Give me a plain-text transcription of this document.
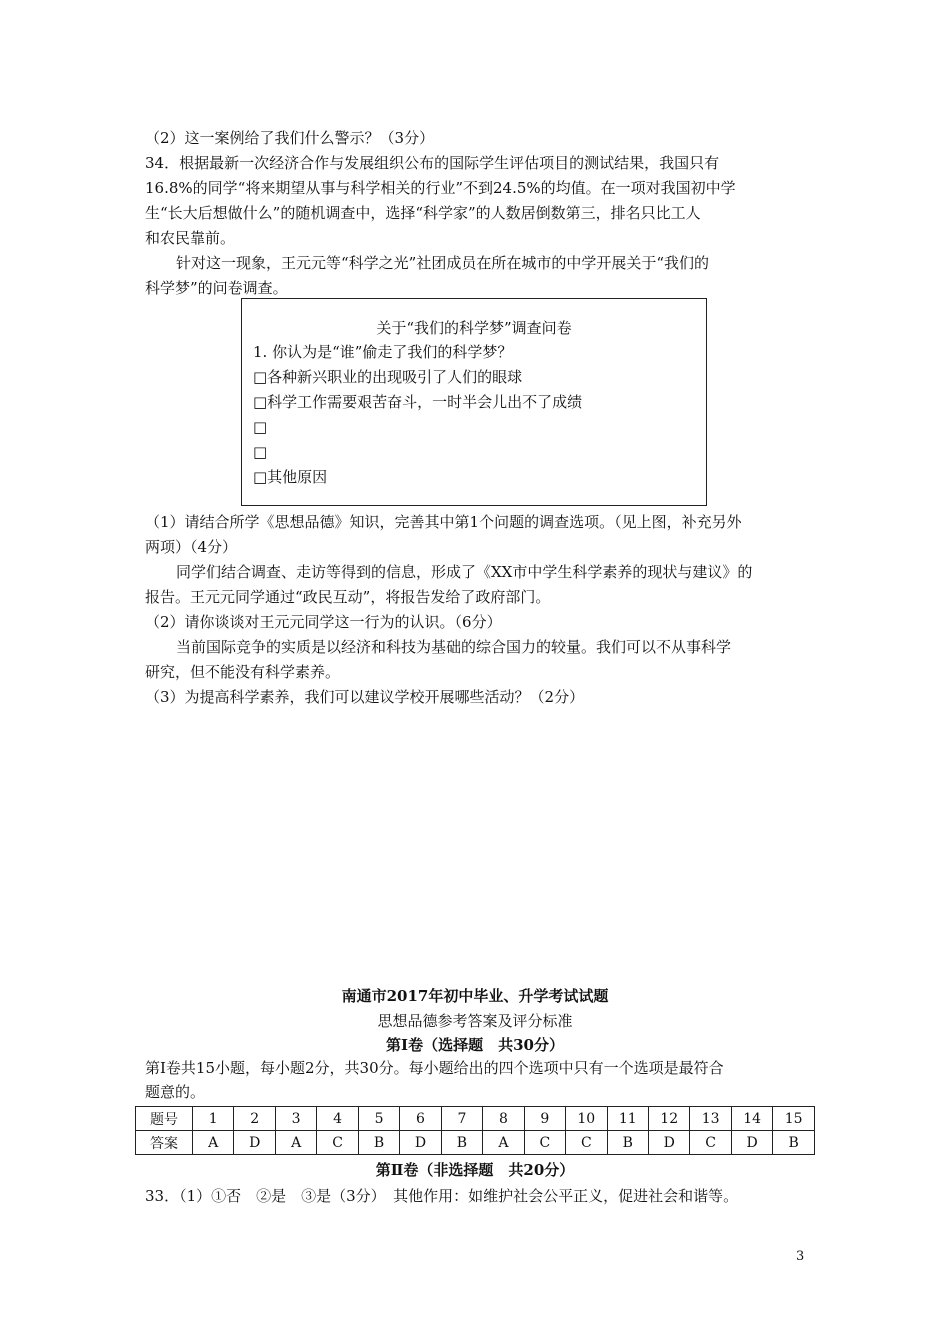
（2）这一案例给了我们什么警示？（3分）
34．根据最新一次经济合作与发展组织公布的国际学生评估项目的测试结果，我国只有
16.8%的同学“将来期望从事与科学相关的行业”不到24.5%的均值。在一项对我国初中学
生“长大后想做什么”的随机调查中，选择“科学家”的人数居倒数第三，排名只比工人
和农民靠前。
针对这一现象，王元元等“科学之光”社团成员在所在城市的中学开展关于“我们的
科学梦”的问卷调查。
关于“我们的科学梦”调查问卷
1. 你认为是“谁”偷走了我们的科学梦？
□各种新兴职业的出现吸引了人们的眼球
□科学工作需要艰苦奋斗，一时半会儿出不了成绩
□
□
□其他原因
（1）请结合所学《思想品德》知识，完善其中第1个问题的调查选项。（见上图，补充另外
两项）（4分）
同学们结合调查、走访等得到的信息，形成了《XX市中学生科学素养的现状与建议》的
报告。王元元同学通过“政民互动”，将报告发给了政府部门。
（2）请你谈谈对王元元同学这一行为的认识。（6分）
当前国际竞争的实质是以经济和科技为基础的综合国力的较量。我们可以不从事科学
研究，但不能没有科学素养。
（3）为提高科学素养，我们可以建议学校开展哪些活动？（2分）
南通市2017年初中毕业、升学考试试题
思想品德参考答案及评分标准
第Ⅰ卷（选择题　共30分）
第Ⅰ卷共15小题，每小题2分，共30分。每小题给出的四个选项中只有一个选项是最符合
题意的。
题号	1	2	3	4	5	6	7	8	9	10	11	12	13	14	15
答案	A	D	A	C	B	D	B	A	C	C	B	D	C	D	B
第Ⅱ卷（非选择题　共20分）
33．（1）①否　②是　③是（3分）　其他作用：如维护社会公平正义，促进社会和谐等。
3
